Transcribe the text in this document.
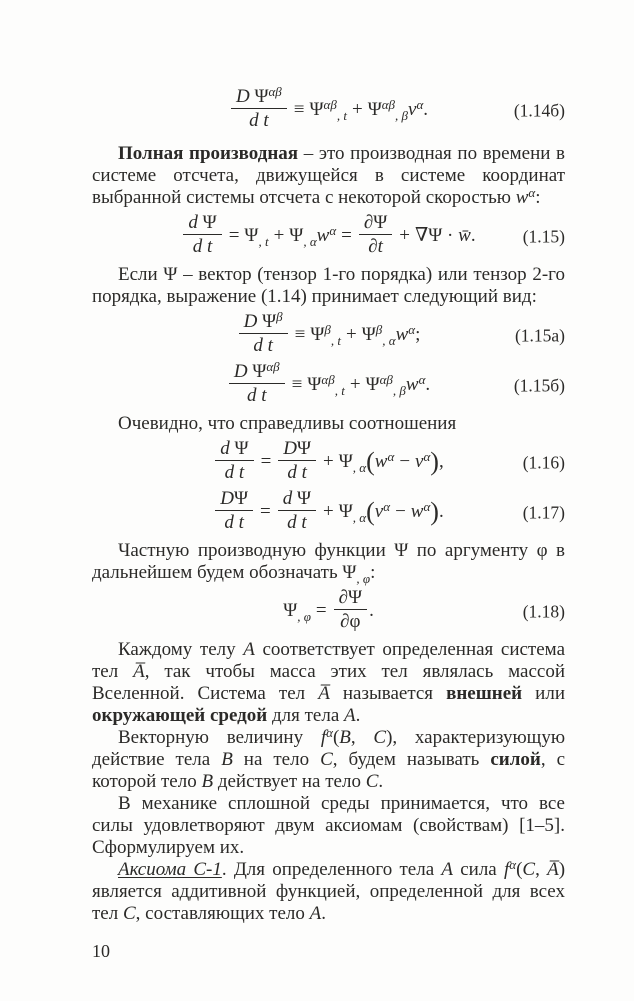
$\frac{D \Psi^{\alpha\beta}}{\text{d t}} \equiv \Psi^{\alpha\beta}_{, t} + \Psi^{\alpha\beta}_{, \beta}v^\alpha$.	(1.14б)

Полная производная – это производная по времени в системе отсчета, движущейся в системе координат выбранной системы отсчета с некоторой скоростью $w^\alpha$:

$\frac{\text{d Ψ}}{\text{d t}} = \Psi_{, t} + \Psi_{, \alpha}w^\alpha = \frac{\partial\Psi}{\partial t} + \nabla\Psi$ · w̄.	(1.15)

Если Ψ – вектор (тензор 1-го порядка) или тензор 2-го порядка, выражение (1.14) принимает следующий вид:

$\frac{D \Psi^\beta}{\text{d t}} \equiv \Psi^\beta_{, t} + \Psi^\beta_{, \alpha}w^\alpha$;	(1.15а)
$\frac{D \Psi^{\alpha\beta}}{\text{d t}} \equiv \Psi^{\alpha\beta}_{, t} + \Psi^{\alpha\beta}_{, \beta}w^\alpha$.	(1.15б)

Очевидно, что справедливы соотношения

$\frac{\text{d Ψ}}{\text{d t}} = \frac{D\Psi}{\text{d t}} + \Psi_{, \alpha}(w^\alpha - v^\alpha)$,	(1.16)
$\frac{D\Psi}{\text{d t}} = \frac{\text{d Ψ}}{\text{d t}} + \Psi_{, \alpha}(v^\alpha - w^\alpha)$.	(1.17)

Частную производную функции Ψ по аргументу φ в дальнейшем будем обозначать $\Psi_{, \varphi}$:

$\Psi_{, \varphi} = \frac{\partial\Psi}{\partial\varphi}$ .	(1.18)

Каждому телу A соответствует определенная система тел A̅, так чтобы масса этих тел являлась массой Вселенной. Система тел A̅ называется внешней или окружающей средой для тела A.

Векторную величину $f^\alpha(B$, C), характеризующую действие тела B на тело C, будем называть силой, с которой тело B действует на тело C.

В механике сплошной среды принимается, что все силы удовлетворяют двум аксиомам (свойствам) [1–5]. Сформулируем их.

Аксиома С-1. Для определенного тела A сила $f^\alpha(C$, A̅) является аддитивной функцией, определенной для всех тел C, составляющих тело A.

10
